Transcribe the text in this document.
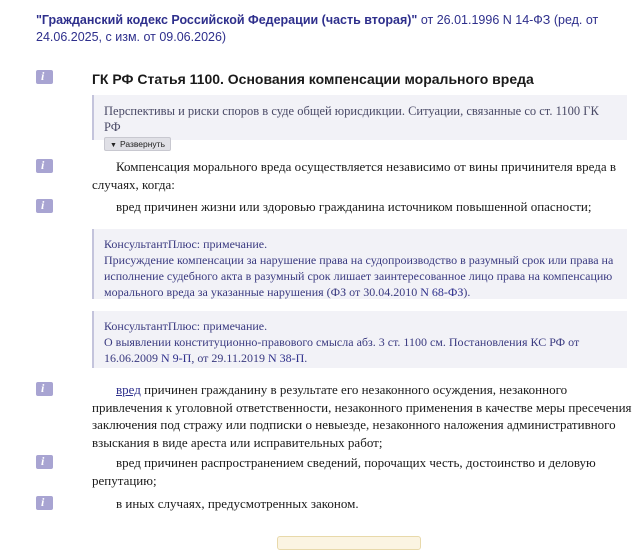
"Гражданский кодекс Российской Федерации (часть вторая)" от 26.01.1996 N 14-ФЗ (ред. от 24.06.2025, с изм. от 09.06.2026)
i
ГК РФ Статья 1100. Основания компенсации морального вреда
Перспективы и риски споров в суде общей юрисдикции. Ситуации, связанные со ст. 1100 ГК РФ
▼ Развернуть
i
Компенсация морального вреда осуществляется независимо от вины причинителя вреда в случаях, когда:
i
вред причинен жизни или здоровью гражданина источником повышенной опасности;
КонсультантПлюс: примечание.
Присуждение компенсации за нарушение права на судопроизводство в разумный срок или права на исполнение судебного акта в разумный срок лишает заинтересованное лицо права на компенсацию морального вреда за указанные нарушения (ФЗ от 30.04.2010 N 68-ФЗ).
КонсультантПлюс: примечание.
О выявлении конституционно-правового смысла абз. 3 ст. 1100 см. Постановления КС РФ от 16.06.2009 N 9-П, от 29.11.2019 N 38-П.
i
вред причинен гражданину в результате его незаконного осуждения, незаконного привлечения к уголовной ответственности, незаконного применения в качестве меры пресечения заключения под стражу или подписки о невыезде, незаконного наложения административного взыскания в виде ареста или исправительных работ;
i
вред причинен распространением сведений, порочащих честь, достоинство и деловую репутацию;
i
в иных случаях, предусмотренных законом.
